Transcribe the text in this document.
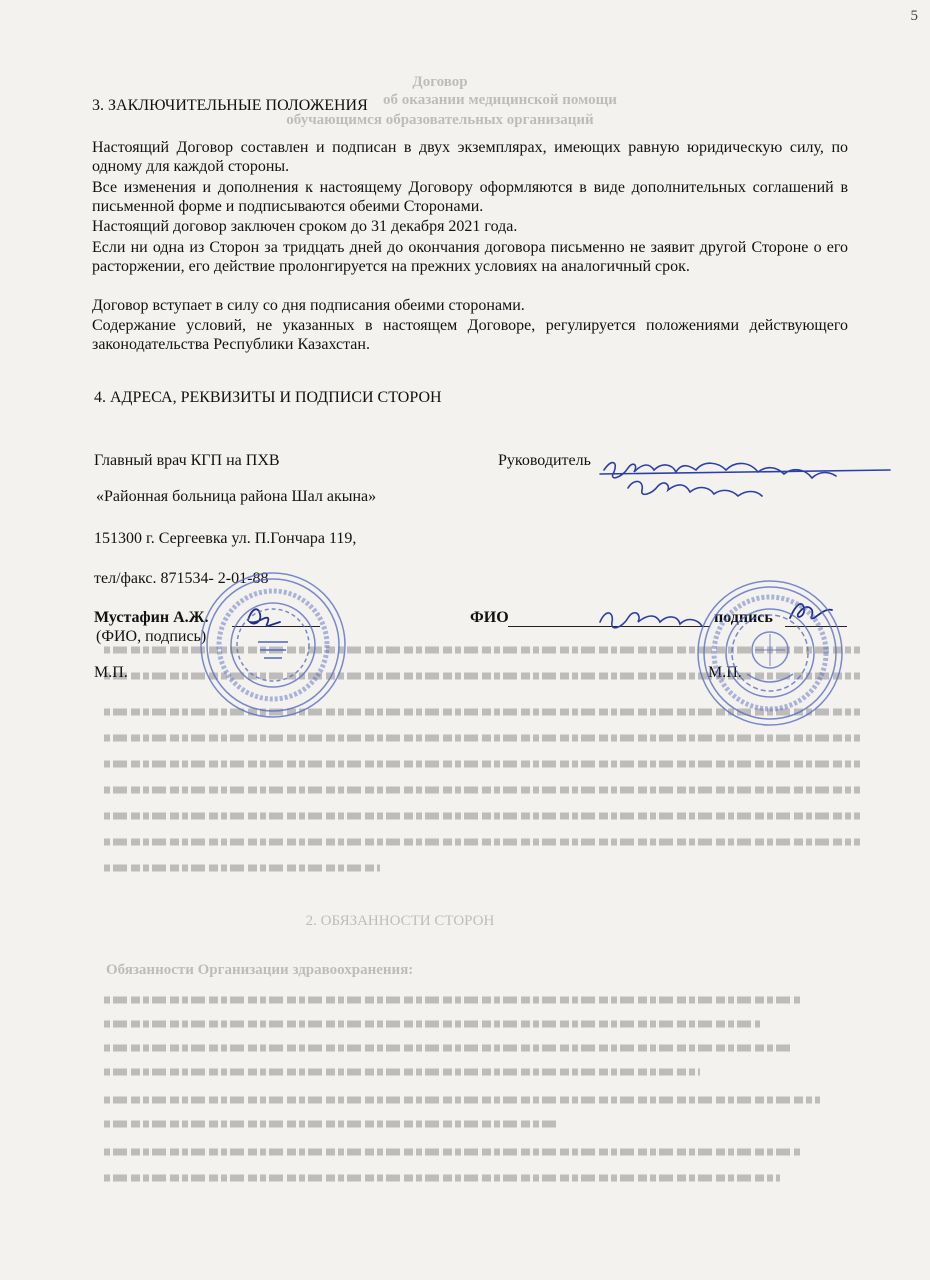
5
Договор
об оказании медицинской помощи
обучающимся образовательных организаций
2. ОБЯЗАННОСТИ СТОРОН
Обязанности Организации здравоохранения:
3. ЗАКЛЮЧИТЕЛЬНЫЕ ПОЛОЖЕНИЯ

Настоящий Договор составлен и подписан в двух экземплярах, имеющих равную юридическую силу, по одному для каждой стороны.

Все изменения и дополнения к настоящему Договору оформляются в виде дополнительных соглашений в письменной форме и подписываются обеими Сторонами.

Настоящий договор заключен сроком до 31 декабря 2021 года.

Если ни одна из Сторон за тридцать дней до окончания договора письменно не заявит другой Стороне о его расторжении, его действие пролонгируется на прежних условиях на аналогичный срок.

Договор вступает в силу со дня подписания обеими сторонами.

Содержание условий, не указанных в настоящем Договоре, регулируется положениями действующего законодательства Республики Казахстан.

4. АДРЕСА, РЕКВИЗИТЫ И ПОДПИСИ СТОРОН
Главный врач КГП на ПХВ
«Районная больница района Шал акына»
151300 г. Сергеевка ул. П.Гончара 119,
тел/факс. 871534- 2-01-88
Мустафин А.Ж.
(ФИО, подпись)
М.П.
Руководитель
ФИО	подпись
М.П.
